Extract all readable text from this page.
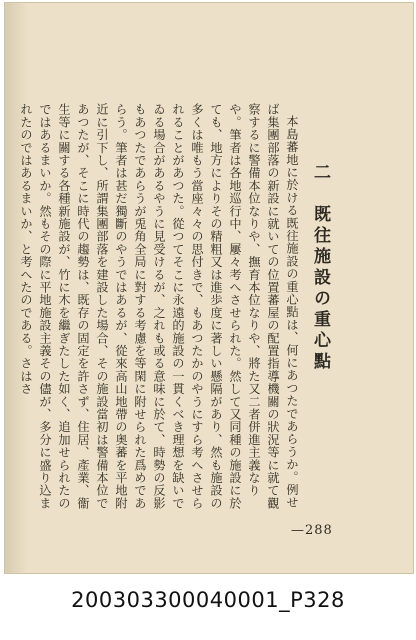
二　既往施設の重心點

本島蕃地に於ける既往施設の重心點は、何にあつたであらうか。例せば集團部落の新設に就いての位置蕃屋の配置指導機關の狀況等に就て觀察するに警備本位なりや、撫育本位なりや、將た又二者併進主義なりや。筆者は各地巡行中、屢々考へさせられた。然して又同種の施設に於ても、地方によりその精粗又は進歩度に著しい懸隔があり、然も施設の多くは唯もう當座々々の思付きで、もあつたかのやうにすら考へさせられることがあつた。從つてそこに永遠的施設の一貫くべき理想を缺いでゐる場合があるやうに見受けるが、之れも或る意味に於て、時勢の反影もあつたであらうが兎角全局に對する考慮を等閑に附せられた爲めであらう。筆者は甚だ獨斷のやうではあるが、從來高山地帶の奥蕃を平地附近に引下し、所謂集團部落を建設した場合、その施設當初は警備本位であつたが、そこに時代の趨勢は、既存の固定を許さず、住居、產業、衞生等に關する各種新施設が、竹に木を繼ぎたした如く、追加せられたのではあるまいか。然もその際に平地施設主義その儘が、多分に盛り込まれたのではあるまいか、と考へたのである。さはさ

—288
200303300040001_P328
